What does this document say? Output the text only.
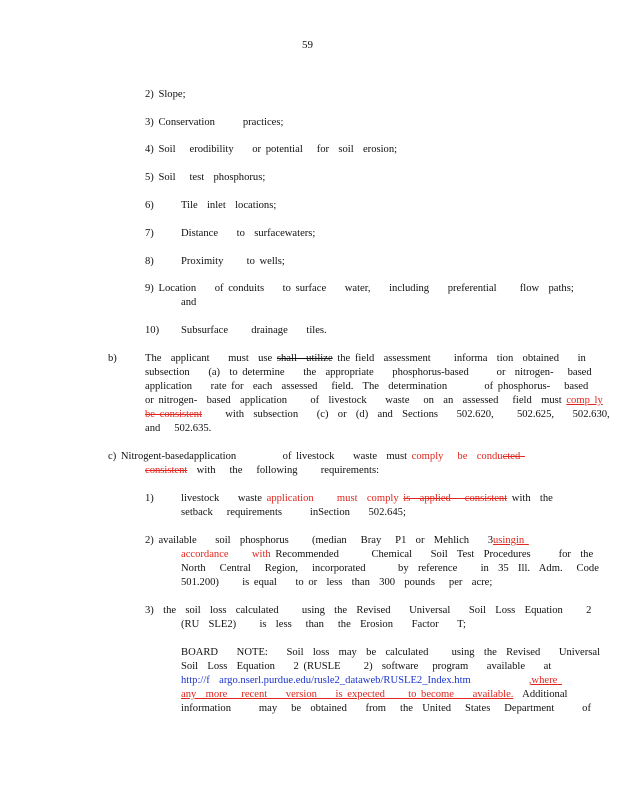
59
2) Slope;
3) Conservation      practices;
4) Soil   erodibility    or potential   for  soil  erosion;
5) Soil   test  phosphorus;
6)	Tile  inlet  locations;
7)	Distance    to  surfacewaters;
8)	Proximity     to wells;
9) Location    of conduits    to surface    water,    including    preferential     flow  paths;
and
10) Subsurface     drainage    tiles.
b)	The  applicant    must  use shall  utilize the field  assessment     informa  tion  obtained    in
subsection    (a)  to determine    the  appropriate    phosphorus-based      or  nitrogen-   based
application    rate for  each  assessed   field.  The  determination        of phosphorus-   based
or nitrogen-  based  application     of  livestock    waste   on  an  assessed   field  must comp ly
be consistent     with  subsection    (c)  or  (d)  and  Sections    502.620,     502.625,    502.630,
and   502.635.
c) Nitrogent-basedapplication          of livestock    waste  must comply   be  conducted
consistent  with   the   following     requirements:
1)	livestock    waste application     must  comply is  applied   consistent with  the
setback   requirements      inSection    502.645;
2) available    soil  phosphorus     (median   Bray   P1  or  Mehlich    3usingin
accordance     with Recommended       Chemical    Soil  Test  Procedures      for  the
North   Central   Region,   incorporated       by  reference     in  35  Ill.  Adm.   Code
501.200)     is equal    to or  less  than  300  pounds   per  acre;
3)  the  soil  loss  calculated     using  the  Revised    Universal    Soil  Loss  Equation     2
(RU  SLE2)     is  less   than   the  Erosion    Factor    T;
BOARD    NOTE:    Soil  loss  may  be  calculated     using  the  Revised    Universal
Soil  Loss  Equation    2 (RUSLE     2)  software   program    available    at
http://f  argo.nserl.purdue.edu/rusle2_dataweb/RUSLE2_Index.htm	,where
any  more   recent    version    is expected     to become    available.  Additional
information      may   be  obtained    from   the  United   States   Department      of
